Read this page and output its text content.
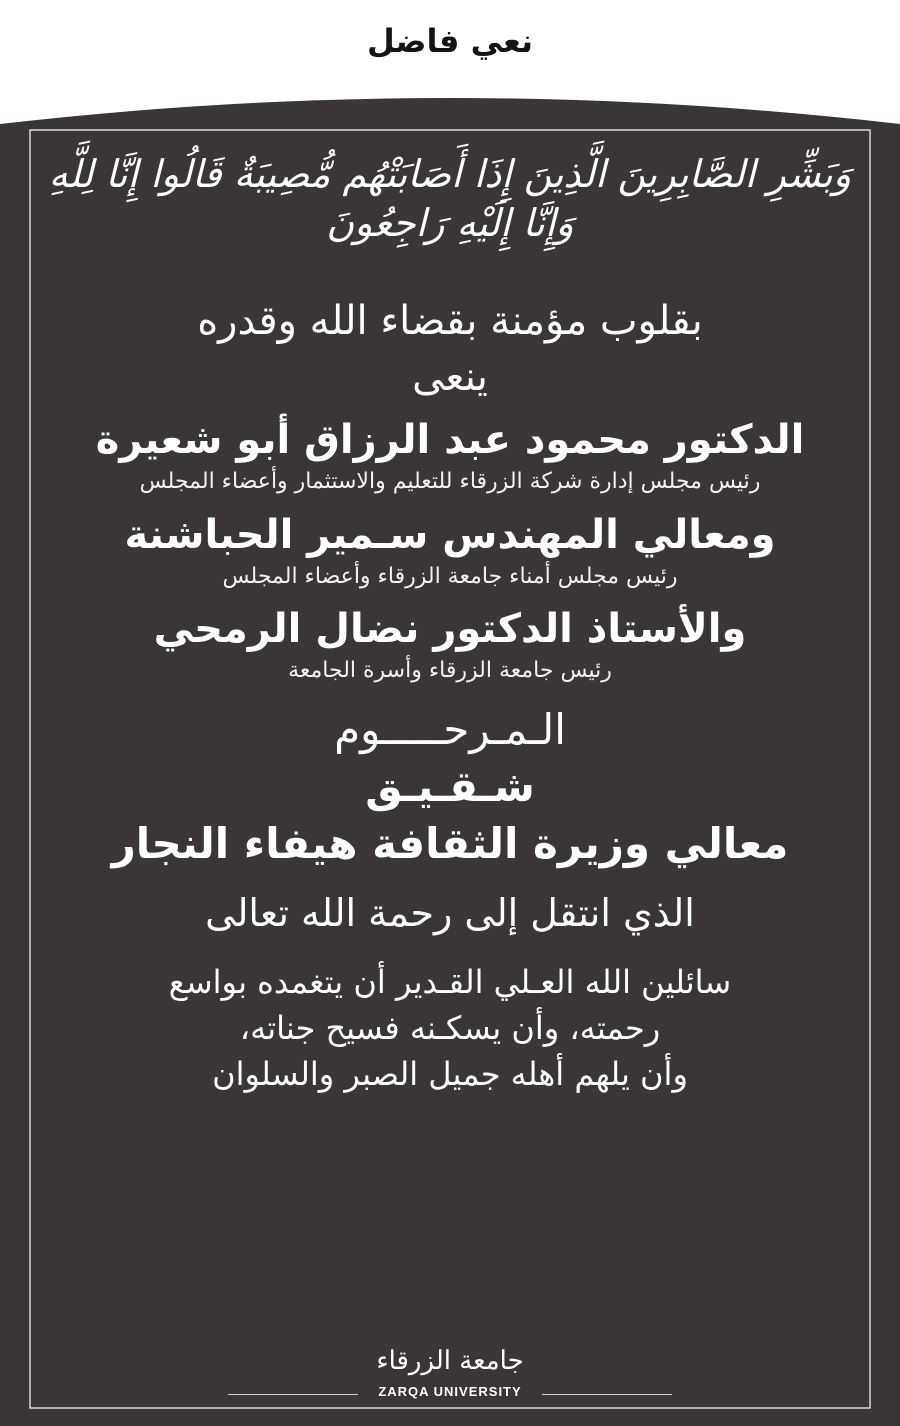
نعي فاضل

وَبَشِّرِ الصَّابِرِينَ الَّذِينَ إِذَا أَصَابَتْهُم مُّصِيبَةٌ قَالُوا إِنَّا لِلَّهِ وَإِنَّا إِلَيْهِ رَاجِعُونَ

بقلوب مؤمنة بقضاء الله وقدره

ينعى

الدكتور محمود عبد الرزاق أبو شعيرة

رئيس مجلس إدارة شركة الزرقاء للتعليم والاستثمار وأعضاء المجلس

ومعالي المهندس سـمير الحباشنة

رئيس مجلس أمناء جامعة الزرقاء وأعضاء المجلس

والأستاذ الدكتور نضال الرمحي

رئيس جامعة الزرقاء وأسرة الجامعة

الـمـرحـــــوم

شـقـيـق

معالي وزيرة الثقافة هيفاء النجار

الذي انتقل إلى رحمة الله تعالى

سائلين الله العـلي القـدير أن يتغمده بواسع

رحمته، وأن يسكـنه فسيح جناته،

وأن يلهم أهله جميل الصبر والسلوان

جامعة الزرقاء
ZARQA UNIVERSITY
